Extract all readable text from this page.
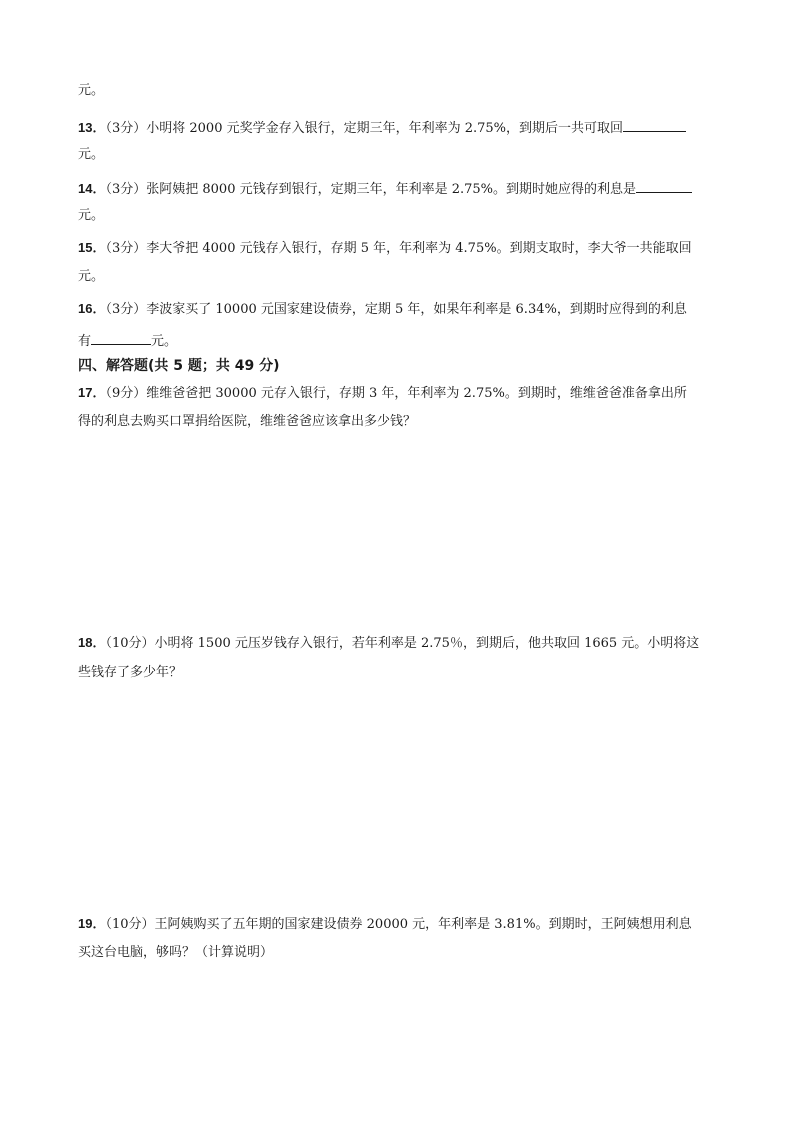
元。
13．（3分）小明将 2000 元奖学金存入银行，定期三年，年利率为 2.75%，到期后一共可取回
元。
14．（3分）张阿姨把 8000 元钱存到银行，定期三年，年利率是 2.75%。到期时她应得的利息是
元。
15．（3分）李大爷把 4000 元钱存入银行，存期 5 年，年利率为 4.75%。到期支取时，李大爷一共能取回
元。
16．（3分）李波家买了 10000 元国家建设债券，定期 5 年，如果年利率是 6.34%，到期时应得到的利息
有	元。
四、解答题(共 5 题；共 49 分)
17．（9分）维维爸爸把 30000 元存入银行，存期 3 年，年利率为 2.75%。到期时，维维爸爸准备拿出所
得的利息去购买口罩捐给医院，维维爸爸应该拿出多少钱？
18．（10分）小明将 1500 元压岁钱存入银行，若年利率是 2.75％，到期后，他共取回 1665 元。小明将这
些钱存了多少年？
19．（10分）王阿姨购买了五年期的国家建设债券 20000 元，年利率是 3.81%。到期时，王阿姨想用利息
买这台电脑，够吗？（计算说明）
